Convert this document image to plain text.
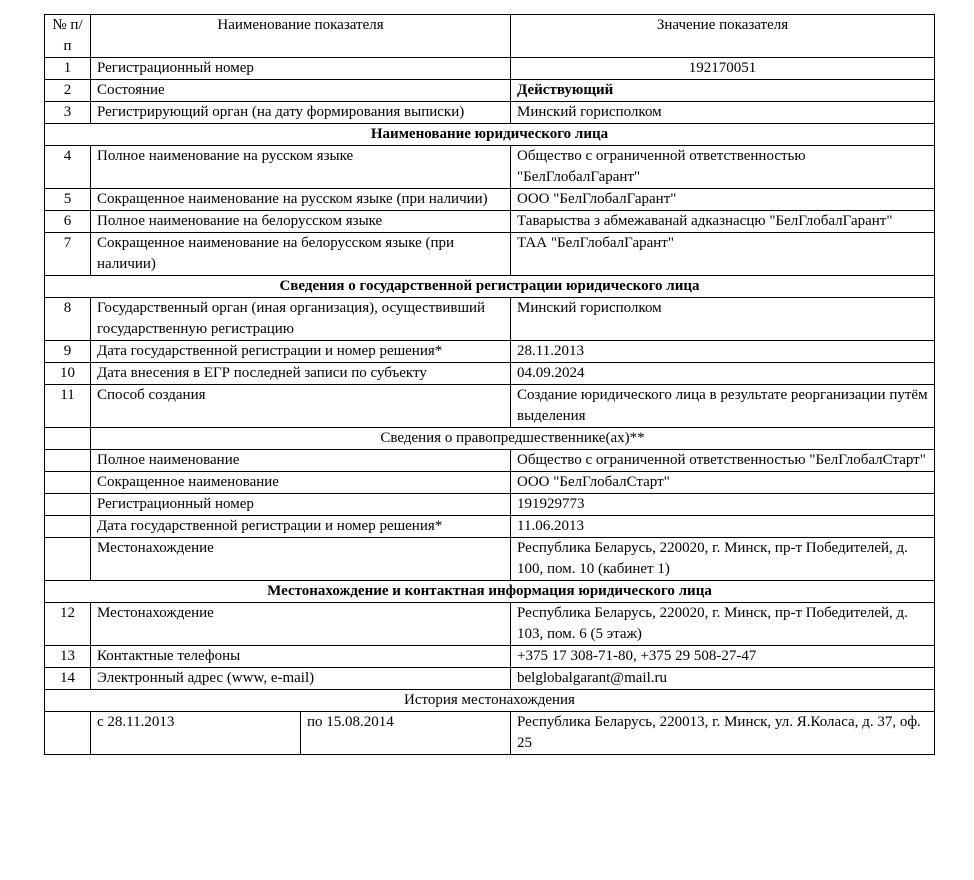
№ п/п	Наименование показателя		Значение показателя
1	Регистрационный номер		192170051
2	Состояние		Действующий
3	Регистрирующий орган (на дату формирования выписки)		Минский горисполком
Наименование юридического лица			
4	Полное наименование на русском языке		Общество с ограниченной ответственностью "БелГлобалГарант"
5	Сокращенное наименование на русском языке (при наличии)		ООО "БелГлобалГарант"
6	Полное наименование на белорусском языке		Таварыства з абмежаванай адказнасцю "БелГлобалГарант"
7	Сокращенное наименование на белорусском языке (при наличии)		ТАА "БелГлобалГарант"
Сведения о государственной регистрации юридического лица			
8	Государственный орган (иная организация), осуществивший государственную регистрацию		Минский горисполком
9	Дата государственной регистрации и номер решения*		28.11.2013
10	Дата внесения в ЕГР последней записи по субъекту		04.09.2024
11	Способ создания		Создание юридического лица в результате реорганизации путём выделения
	Сведения о правопредшественнике(ах)**		
	Полное наименование		Общество с ограниченной ответственностью "БелГлобалСтарт"
	Сокращенное наименование		ООО "БелГлобалСтарт"
	Регистрационный номер		191929773
	Дата государственной регистрации и номер решения*		11.06.2013
	Местонахождение		Республика Беларусь, 220020, г. Минск, пр-т Победителей, д. 100, пом. 10 (кабинет 1)
Местонахождение и контактная информация юридического лица			
12	Местонахождение		Республика Беларусь, 220020, г. Минск, пр-т Победителей, д. 103, пом. 6 (5 этаж)
13	Контактные телефоны		+375 17 308-71-80, +375 29 508-27-47
14	Электронный адрес (www, e-mail)		belglobalgarant@mail.ru
История местонахождения			
	с 28.11.2013	по 15.08.2014	Республика Беларусь, 220013, г. Минск, ул. Я.Коласа, д. 37, оф. 25
